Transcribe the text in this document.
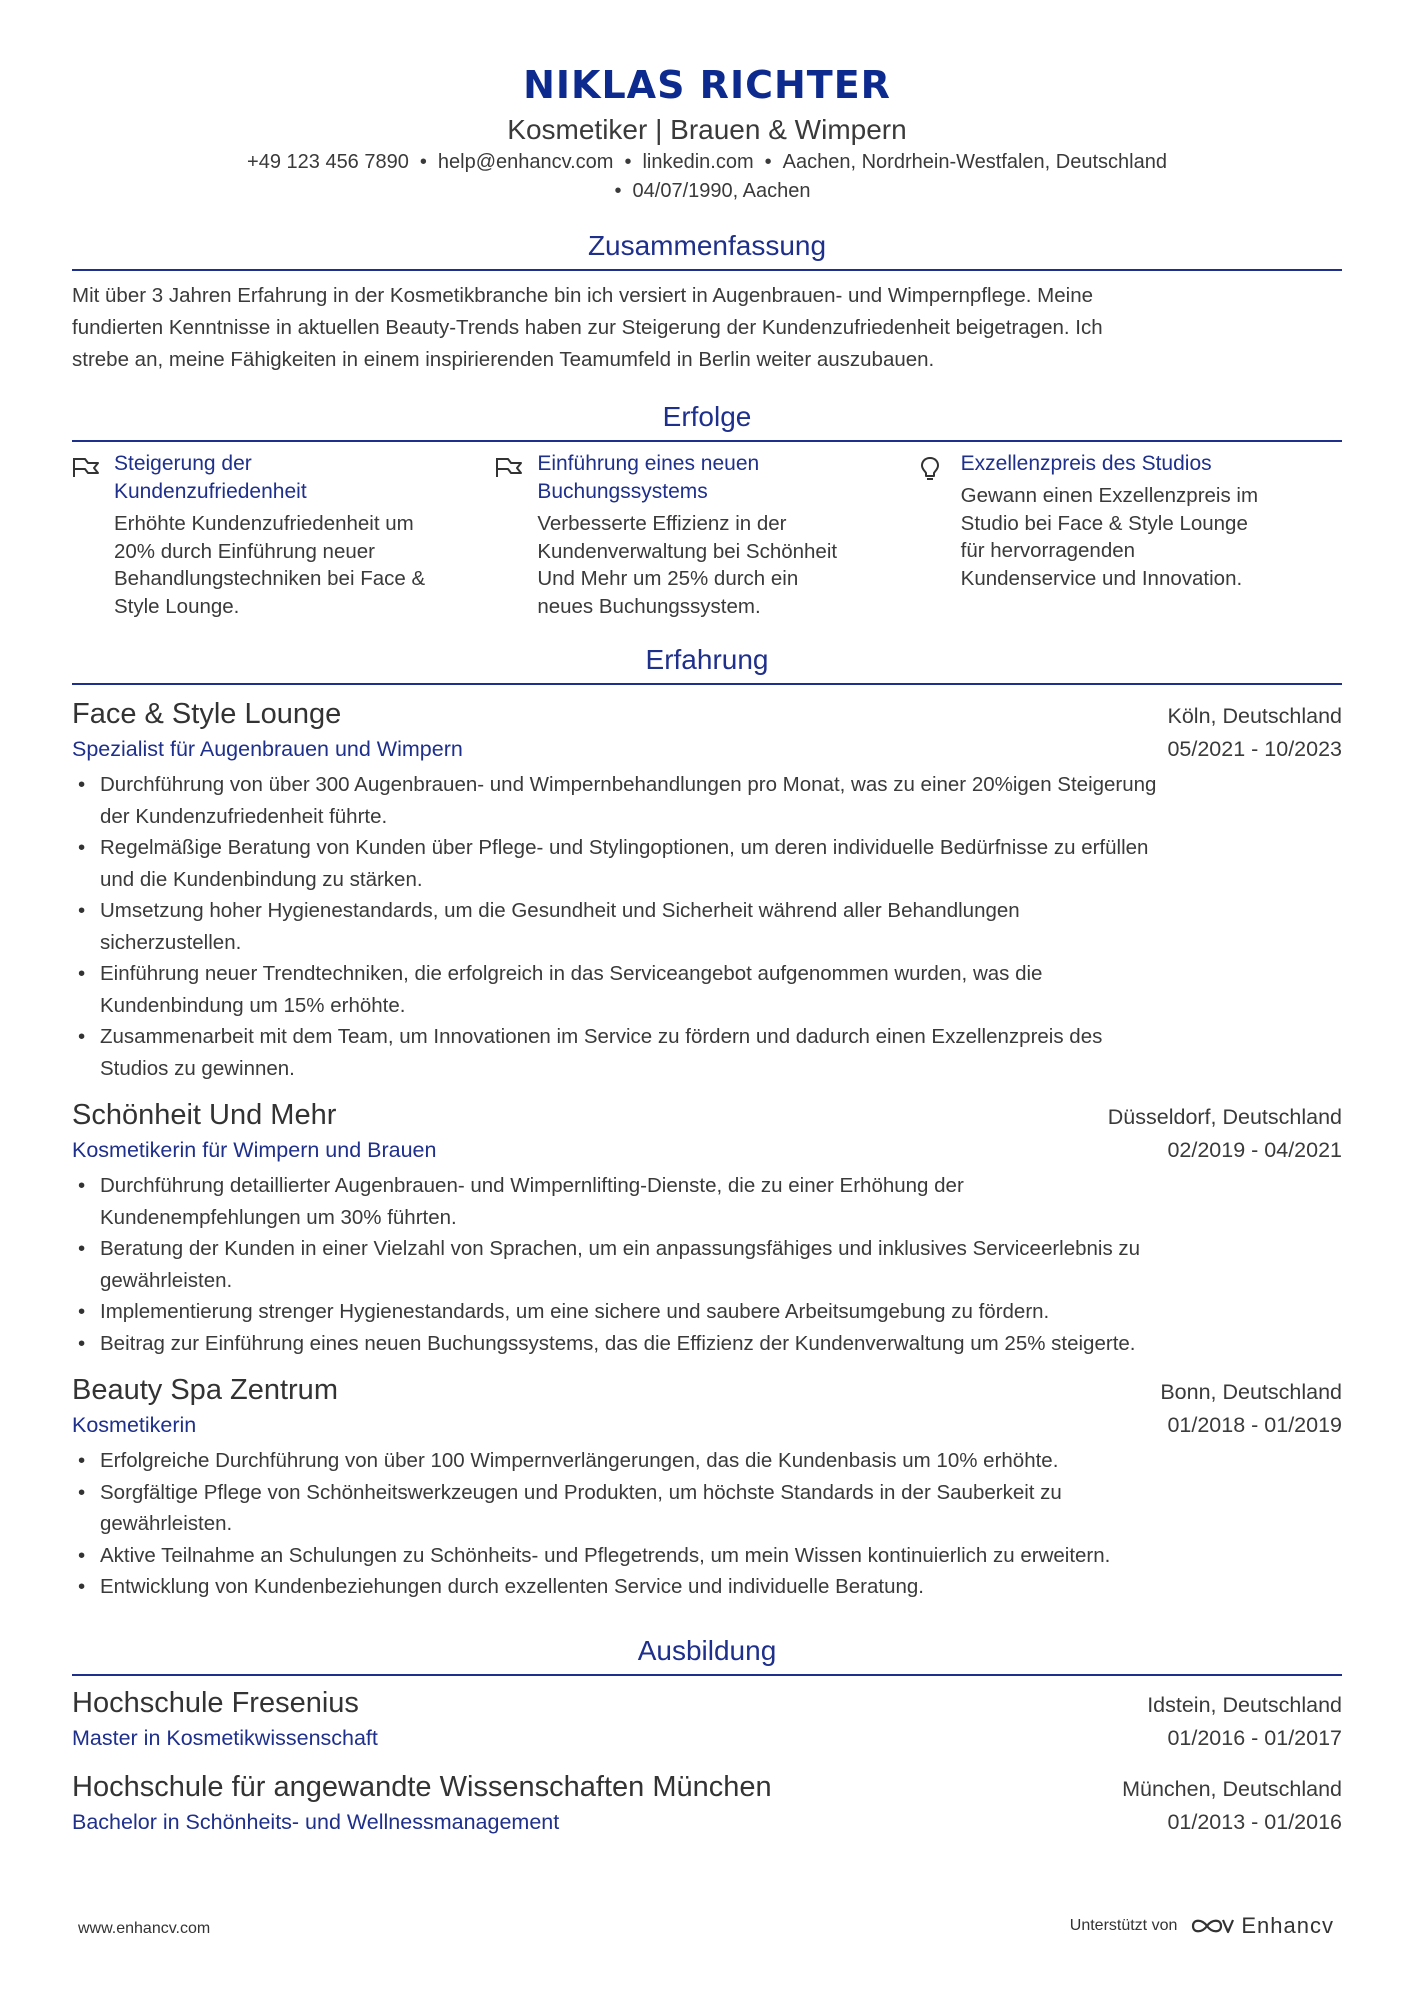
NIKLAS RICHTER
Kosmetiker | Brauen & Wimpern
+49 123 456 7890 • help@enhancv.com • linkedin.com • Aachen, Nordrhein-Westfalen, Deutschland
• 04/07/1990, Aachen
Zusammenfassung
Mit über 3 Jahren Erfahrung in der Kosmetikbranche bin ich versiert in Augenbrauen- und Wimpernpflege. Meine
fundierten Kenntnisse in aktuellen Beauty-Trends haben zur Steigerung der Kundenzufriedenheit beigetragen. Ich
strebe an, meine Fähigkeiten in einem inspirierenden Teamumfeld in Berlin weiter auszubauen.
Erfolge
Steigerung der
Kundenzufriedenheit
Erhöhte Kundenzufriedenheit um
20% durch Einführung neuer
Behandlungstechniken bei Face &
Style Lounge.
Einführung eines neuen
Buchungssystems
Verbesserte Effizienz in der
Kundenverwaltung bei Schönheit
Und Mehr um 25% durch ein
neues Buchungssystem.
Exzellenzpreis des Studios
Gewann einen Exzellenzpreis im
Studio bei Face & Style Lounge
für hervorragenden
Kundenservice und Innovation.
Erfahrung
Face & Style Lounge	Köln, Deutschland
Spezialist für Augenbrauen und Wimpern	05/2021 - 10/2023
• Durchführung von über 300 Augenbrauen- und Wimpernbehandlungen pro Monat, was zu einer 20%igen Steigerung
der Kundenzufriedenheit führte.
• Regelmäßige Beratung von Kunden über Pflege- und Stylingoptionen, um deren individuelle Bedürfnisse zu erfüllen
und die Kundenbindung zu stärken.
• Umsetzung hoher Hygienestandards, um die Gesundheit und Sicherheit während aller Behandlungen
sicherzustellen.
• Einführung neuer Trendtechniken, die erfolgreich in das Serviceangebot aufgenommen wurden, was die
Kundenbindung um 15% erhöhte.
• Zusammenarbeit mit dem Team, um Innovationen im Service zu fördern und dadurch einen Exzellenzpreis des
Studios zu gewinnen.
Schönheit Und Mehr	Düsseldorf, Deutschland
Kosmetikerin für Wimpern und Brauen	02/2019 - 04/2021
• Durchführung detaillierter Augenbrauen- und Wimpernlifting-Dienste, die zu einer Erhöhung der
Kundenempfehlungen um 30% führten.
• Beratung der Kunden in einer Vielzahl von Sprachen, um ein anpassungsfähiges und inklusives Serviceerlebnis zu
gewährleisten.
• Implementierung strenger Hygienestandards, um eine sichere und saubere Arbeitsumgebung zu fördern.
• Beitrag zur Einführung eines neuen Buchungssystems, das die Effizienz der Kundenverwaltung um 25% steigerte.
Beauty Spa Zentrum	Bonn, Deutschland
Kosmetikerin	01/2018 - 01/2019
• Erfolgreiche Durchführung von über 100 Wimpernverlängerungen, das die Kundenbasis um 10% erhöhte.
• Sorgfältige Pflege von Schönheitswerkzeugen und Produkten, um höchste Standards in der Sauberkeit zu
gewährleisten.
• Aktive Teilnahme an Schulungen zu Schönheits- und Pflegetrends, um mein Wissen kontinuierlich zu erweitern.
• Entwicklung von Kundenbeziehungen durch exzellenten Service und individuelle Beratung.
Ausbildung
Hochschule Fresenius	Idstein, Deutschland
Master in Kosmetikwissenschaft	01/2016 - 01/2017
Hochschule für angewandte Wissenschaften München	München, Deutschland
Bachelor in Schönheits- und Wellnessmanagement	01/2013 - 01/2016
www.enhancv.com	Unterstützt von	Enhancv
